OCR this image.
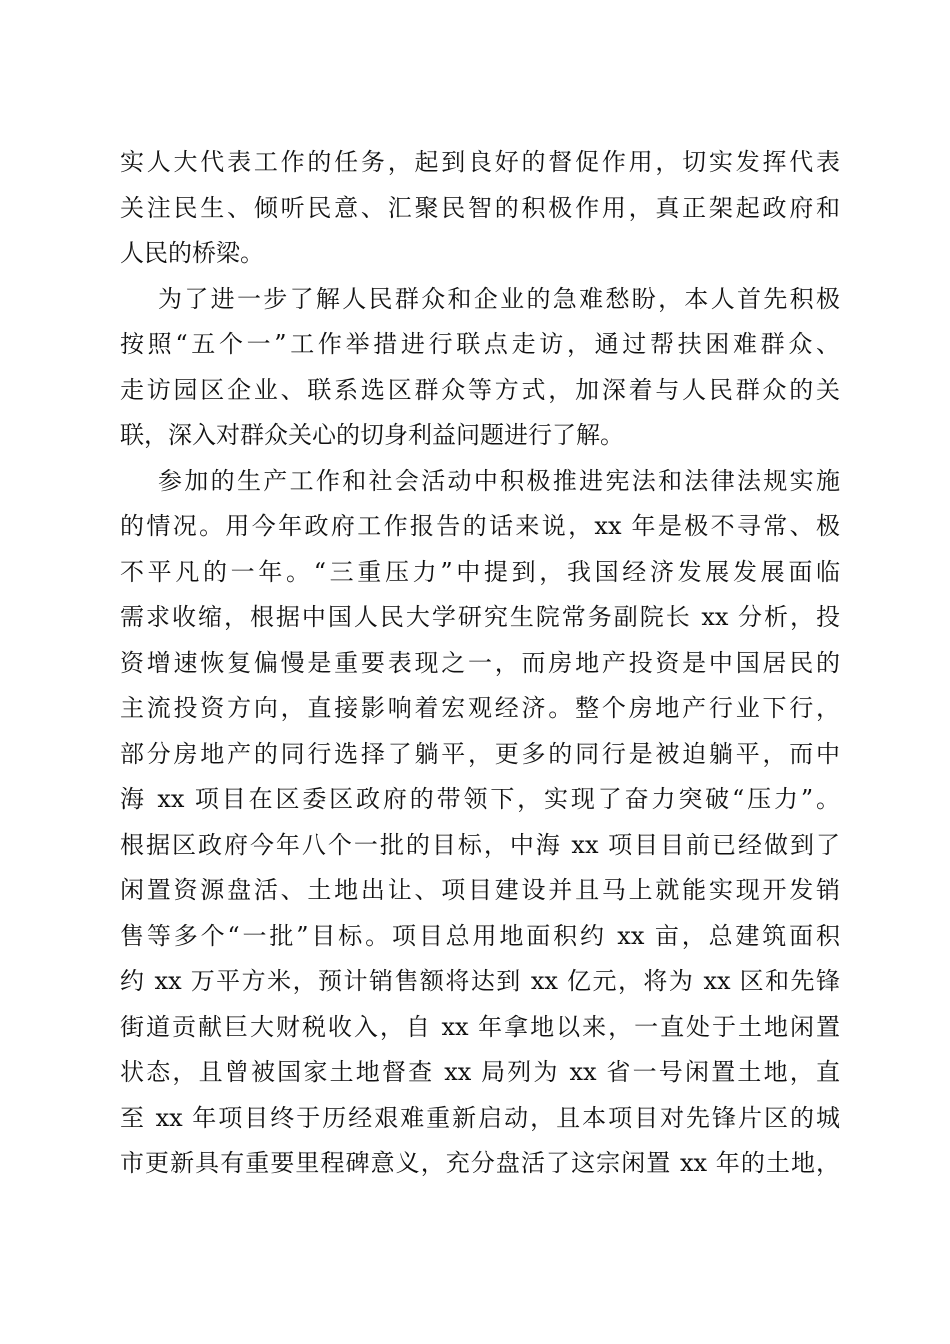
实人大代表工作的任务，起到良好的督促作用，切实发挥代表
关注民生、倾听民意、汇聚民智的积极作用，真正架起政府和
人民的桥梁。
为了进一步了解人民群众和企业的急难愁盼，本人首先积极
按照“五个一”工作举措进行联点走访，通过帮扶困难群众、
走访园区企业、联系选区群众等方式，加深着与人民群众的关
联，深入对群众关心的切身利益问题进行了解。
参加的生产工作和社会活动中积极推进宪法和法律法规实施
的情况。用今年政府工作报告的话来说，xx 年是极不寻常、极
不平凡的一年。“三重压力”中提到，我国经济发展发展面临
需求收缩，根据中国人民大学研究生院常务副院长 xx 分析，投
资增速恢复偏慢是重要表现之一，而房地产投资是中国居民的
主流投资方向，直接影响着宏观经济。整个房地产行业下行，
部分房地产的同行选择了躺平，更多的同行是被迫躺平，而中
海 xx 项目在区委区政府的带领下，实现了奋力突破“压力”。
根据区政府今年八个一批的目标，中海 xx 项目目前已经做到了
闲置资源盘活、土地出让、项目建设并且马上就能实现开发销
售等多个“一批”目标。项目总用地面积约 xx 亩，总建筑面积
约 xx 万平方米，预计销售额将达到 xx 亿元，将为 xx 区和先锋
街道贡献巨大财税收入，自 xx 年拿地以来，一直处于土地闲置
状态，且曾被国家土地督查 xx 局列为 xx 省一号闲置土地，直
至 xx 年项目终于历经艰难重新启动，且本项目对先锋片区的城
市更新具有重要里程碑意义，充分盘活了这宗闲置 xx 年的土地，
